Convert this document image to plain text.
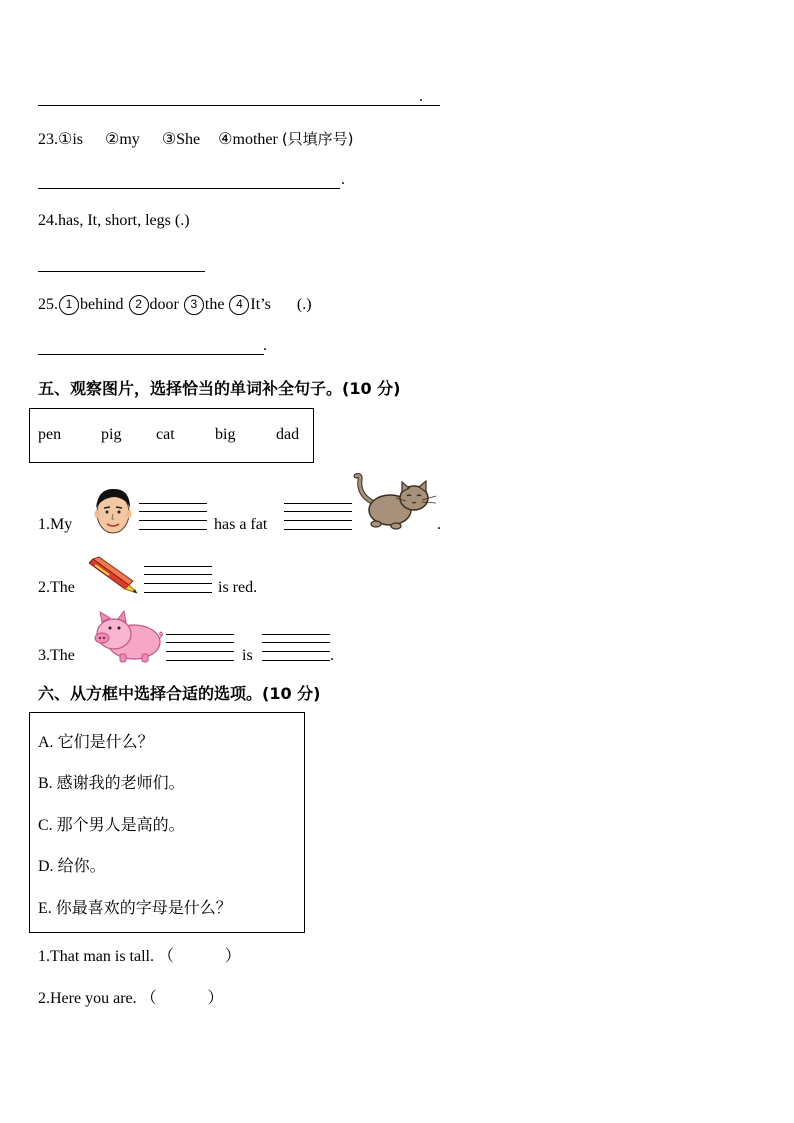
.
23.①is ②my ③She ④mother (只填序号)
.
24.has, It, short, legs (.)
25. 1 behind 2 door 3 the 4 It’s (.)
.
五、观察图片，选择恰当的单词补全句子。(10 分)
pen pig cat	big	dad
1.My	has a fat	.
2.The	is red.
3.The	is	.
六、从方框中选择合适的选项。(10 分)
A. 它们是什么？
B. 感谢我的老师们。
C. 那个男人是高的。
D. 给你。
E. 你最喜欢的字母是什么？
1.That man is tall. （          ）
2.Here you are. （          ）
